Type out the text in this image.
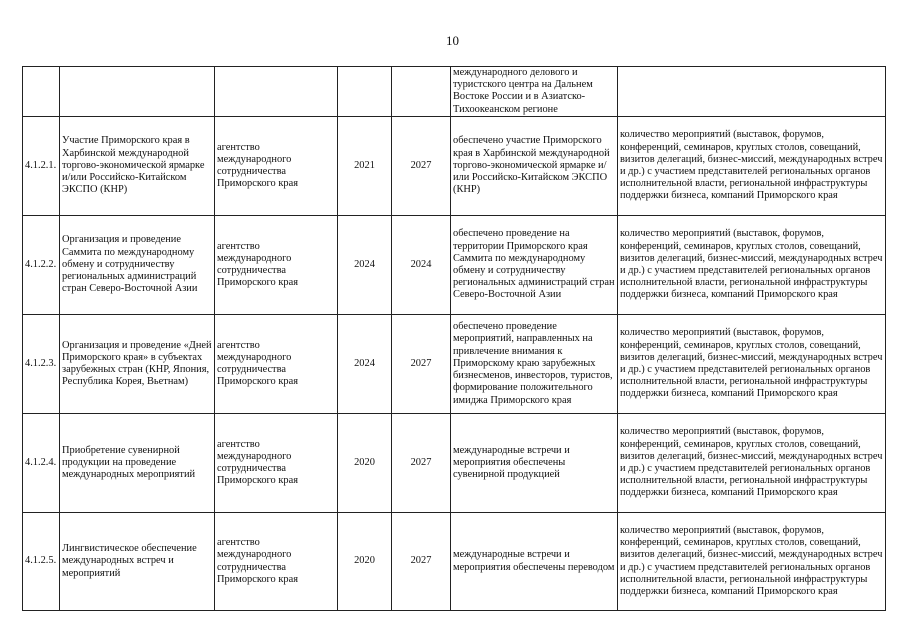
10
					международного делового и туристского центра на Дальнем Востоке России и в Азиатско-Тихоокеанском регионе	
4.1.2.1.	Участие Приморского края в Харбинской международной торгово-экономической ярмарке и/или Российско-Китайском ЭКСПО (КНР)	агентство международного сотрудничества Приморского края	2021	2027	обеспечено участие Приморского края в Харбинской международной торгово-экономической ярмарке и/или Российско-Китайском ЭКСПО (КНР)	количество мероприятий (выставок, форумов, конференций, семинаров, круглых столов, совещаний, визитов делегаций, бизнес-миссий, международных встреч и др.) с участием представителей региональных органов исполнительной власти, региональной инфраструктуры поддержки бизнеса, компаний Приморского края
4.1.2.2.	Организация и проведение Саммита по международному обмену и сотрудничеству региональных администраций стран Северо-Восточной Азии	агентство международного сотрудничества Приморского края	2024	2024	обеспечено проведение на территории Приморского края Саммита по международному обмену и сотрудничеству региональных администраций стран Северо-Восточной Азии	количество мероприятий (выставок, форумов, конференций, семинаров, круглых столов, совещаний, визитов делегаций, бизнес-миссий, международных встреч и др.) с участием представителей региональных органов исполнительной власти, региональной инфраструктуры поддержки бизнеса, компаний Приморского края
4.1.2.3.	Организация и проведение «Дней Приморского края» в субъектах зарубежных стран (КНР, Япония, Республика Корея, Вьетнам)	агентство международного сотрудничества Приморского края	2024	2027	обеспечено проведение мероприятий, направленных на привлечение внимания к Приморскому краю зарубежных бизнесменов, инвесторов, туристов, формирование положительного имиджа Приморского края	количество мероприятий (выставок, форумов, конференций, семинаров, круглых столов, совещаний, визитов делегаций, бизнес-миссий, международных встреч и др.) с участием представителей региональных органов исполнительной власти, региональной инфраструктуры поддержки бизнеса, компаний Приморского края
4.1.2.4.	Приобретение сувенирной продукции на проведение международных мероприятий	агентство международного сотрудничества Приморского края	2020	2027	международные встречи и мероприятия обеспечены сувенирной продукцией	количество мероприятий (выставок, форумов, конференций, семинаров, круглых столов, совещаний, визитов делегаций, бизнес-миссий, международных встреч и др.) с участием представителей региональных органов исполнительной власти, региональной инфраструктуры поддержки бизнеса, компаний Приморского края
4.1.2.5.	Лингвистическое обеспечение международных встреч и мероприятий	агентство международного сотрудничества Приморского края	2020	2027	международные встречи и мероприятия обеспечены переводом	количество мероприятий (выставок, форумов, конференций, семинаров, круглых столов, совещаний, визитов делегаций, бизнес-миссий, международных встреч и др.) с участием представителей региональных органов исполнительной власти, региональной инфраструктуры поддержки бизнеса, компаний Приморского края
